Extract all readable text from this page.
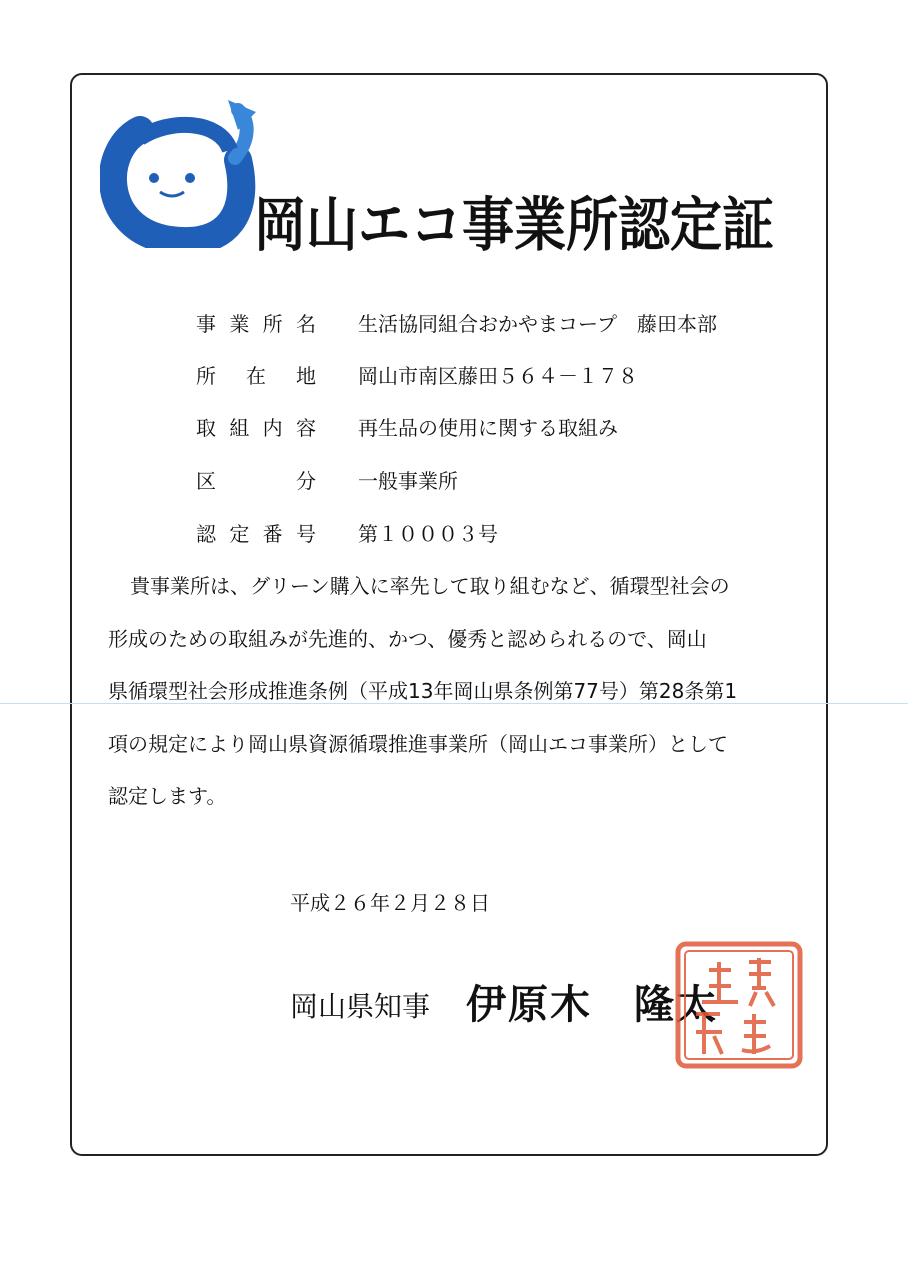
岡山エコ事業所認定証
事業所名 生活協同組合おかやまコープ　藤田本部
所在地 岡山市南区藤田５６４－１７８
取組内容 再生品の使用に関する取組み
区分 一般事業所
認定番号 第１０００３号

貴事業所は、グリーン購入に率先して取り組むなど、循環型社会の

形成のための取組みが先進的、かつ、優秀と認められるので、岡山

県循環型社会形成推進条例（平成13年岡山県条例第77号）第28条第1

項の規定により岡山県資源循環推進事業所（岡山エコ事業所）として

認定します。

平成２６年２月２８日
岡山県知事 伊原木　隆太
